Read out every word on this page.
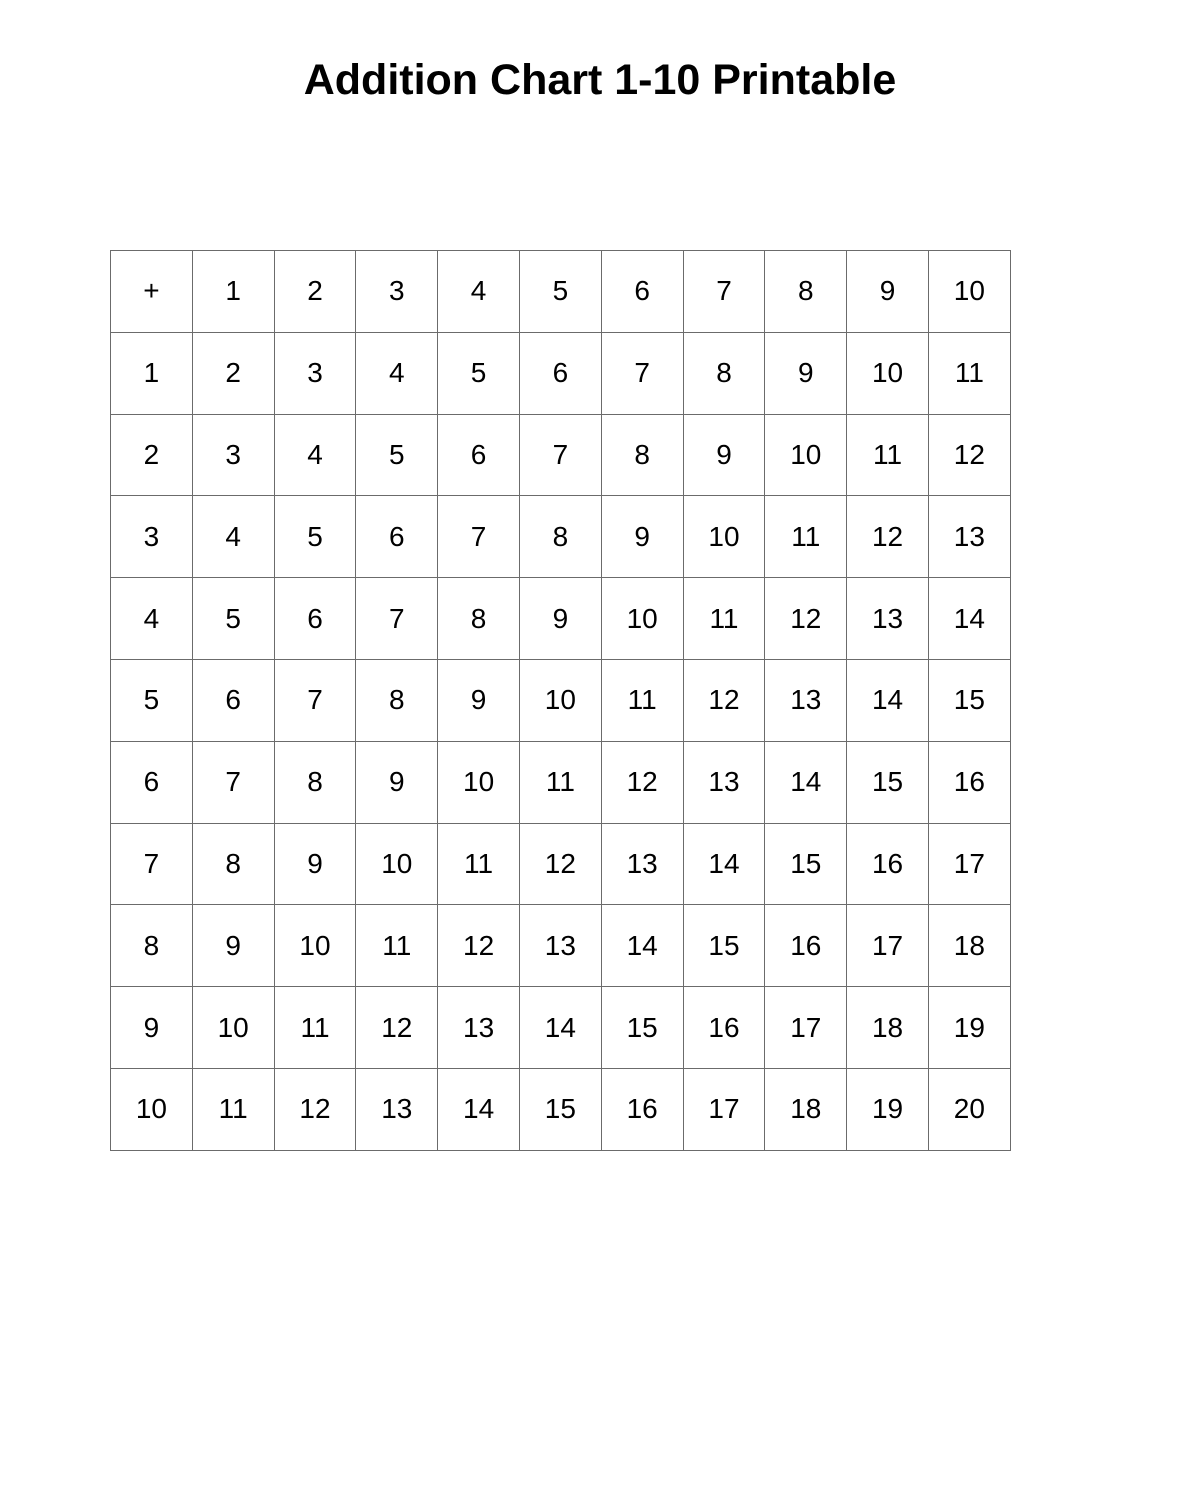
Addition Chart 1-10 Printable
+	1	2	3	4	5	6	7	8	9	10
1	2	3	4	5	6	7	8	9	10	11
2	3	4	5	6	7	8	9	10	11	12
3	4	5	6	7	8	9	10	11	12	13
4	5	6	7	8	9	10	11	12	13	14
5	6	7	8	9	10	11	12	13	14	15
6	7	8	9	10	11	12	13	14	15	16
7	8	9	10	11	12	13	14	15	16	17
8	9	10	11	12	13	14	15	16	17	18
9	10	11	12	13	14	15	16	17	18	19
10	11	12	13	14	15	16	17	18	19	20
